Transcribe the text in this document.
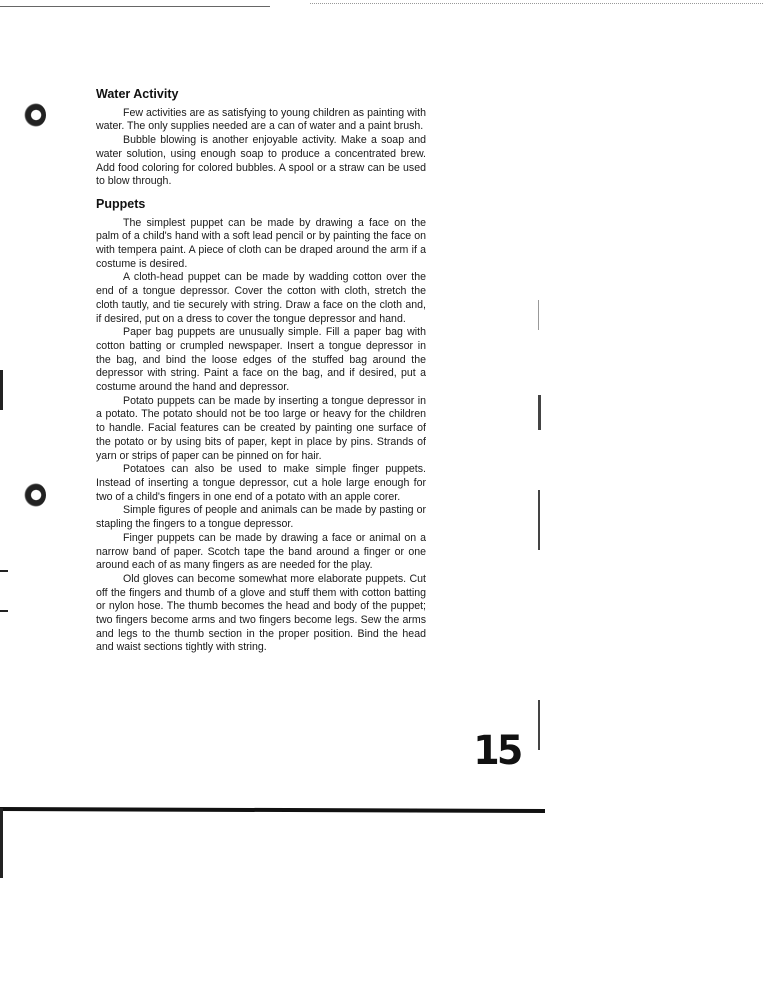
Water Activity

Few activities are as satisfying to young children as painting with water. The only supplies needed are a can of water and a paint brush.

Bubble blowing is another enjoyable activity. Make a soap and water solution, using enough soap to produce a concentrated brew. Add food coloring for colored bubbles. A spool or a straw can be used to blow through.

Puppets

The simplest puppet can be made by drawing a face on the palm of a child's hand with a soft lead pencil or by painting the face on with tempera paint. A piece of cloth can be draped around the arm if a costume is desired.

A cloth-head puppet can be made by wadding cotton over the end of a tongue depressor. Cover the cotton with cloth, stretch the cloth tautly, and tie securely with string. Draw a face on the cloth and, if desired, put on a dress to cover the tongue depressor and hand.

Paper bag puppets are unusually simple. Fill a paper bag with cotton batting or crumpled newspaper. Insert a tongue depressor in the bag, and bind the loose edges of the stuffed bag around the depressor with string. Paint a face on the bag, and if desired, put a costume around the hand and depressor.

Potato puppets can be made by inserting a tongue depressor in a potato. The potato should not be too large or heavy for the children to handle. Facial features can be created by painting one surface of the potato or by using bits of paper, kept in place by pins. Strands of yarn or strips of paper can be pinned on for hair.

Potatoes can also be used to make simple finger puppets. Instead of inserting a tongue depressor, cut a hole large enough for two of a child's fingers in one end of a potato with an apple corer.

Simple figures of people and animals can be made by pasting or stapling the fingers to a tongue depressor.

Finger puppets can be made by drawing a face or animal on a narrow band of paper. Scotch tape the band around a finger or one around each of as many fingers as are needed for the play.

Old gloves can become somewhat more elaborate puppets. Cut off the fingers and thumb of a glove and stuff them with cotton batting or nylon hose. The thumb becomes the head and body of the puppet; two fingers become arms and two fingers become legs. Sew the arms and legs to the thumb section in the proper position. Bind the head and waist sections tightly with string.

15
